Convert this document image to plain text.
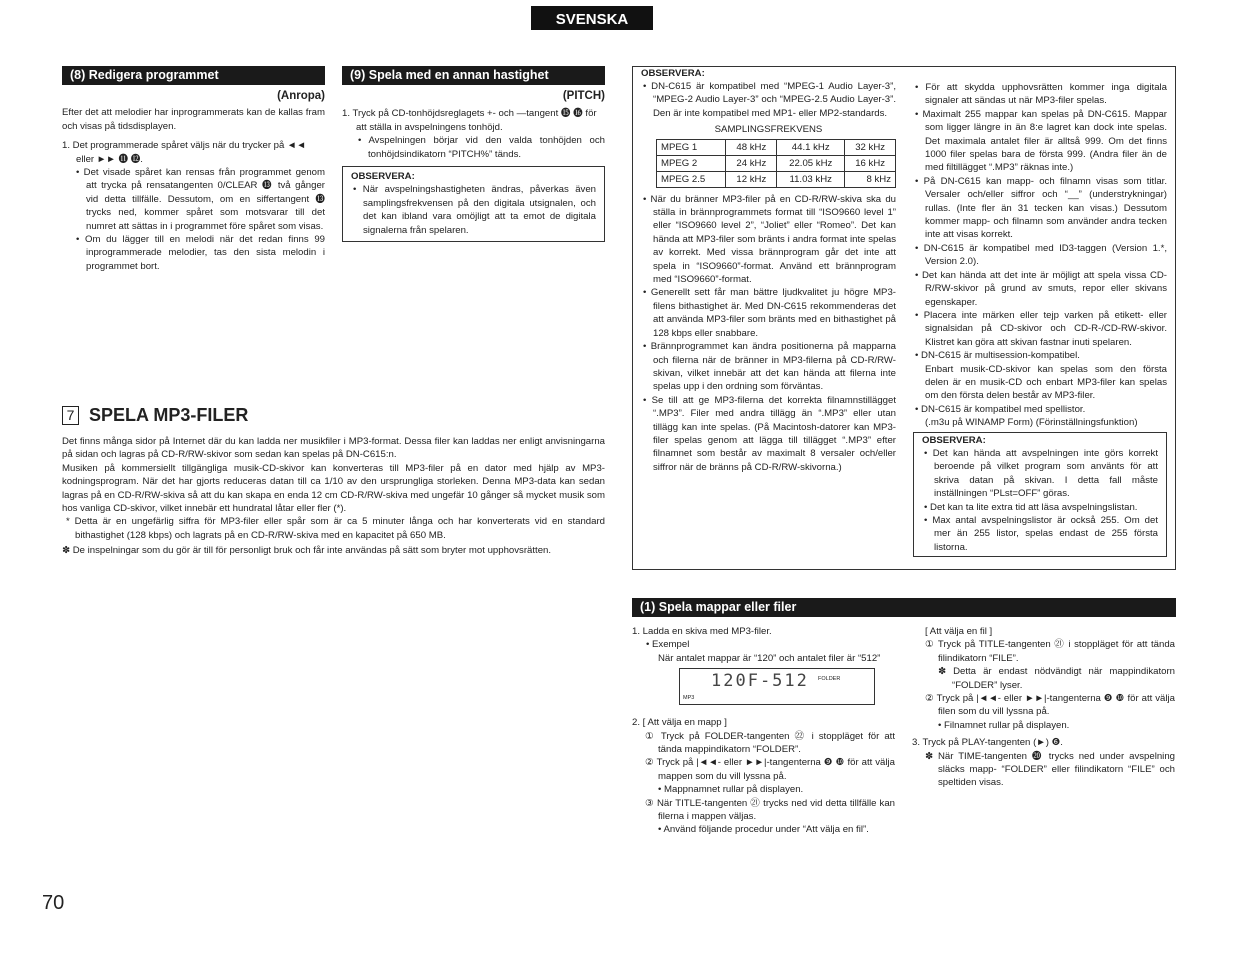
SVENSKA
(8) Redigera programmet
(Anropa)

Efter det att melodier har inprogrammerats kan de kallas fram och visas på tidsdisplayen.

1. Det programmerade spåret väljs när du trycker på ◄◄ eller ►► ⓫ ⓬.

• Det visade spåret kan rensas från programmet genom att trycka på rensatangenten 0/CLEAR ⓭ två gånger vid detta tillfälle. Dessutom, om en siffertangent ⓭ trycks ned, kommer spåret som motsvarar till det numret att sättas in i programmet före spåret som visas.

• Om du lägger till en melodi när det redan finns 99 inprogrammerade melodier, tas den sista melodin i programmet bort.

(9) Spela med en annan hastighet
(PITCH)

1. Tryck på CD-tonhöjdsreglagets +- och —tangent ⓯ ⓰ för att ställa in avspelningens tonhöjd.

• Avspelningen börjar vid den valda tonhöjden och tonhöjdsindikatorn “PITCH%” tänds.

OBSERVERA:

• När avspelningshastigheten ändras, påverkas även samplingsfrekvensen på den digitala utsignalen, och det kan ibland vara omöjligt att ta emot de digitala signalerna från spelaren.

OBSERVERA:

• DN-C615 är kompatibel med “MPEG-1 Audio Layer-3”, “MPEG-2 Audio Layer-3” och “MPEG-2.5 Audio Layer-3”. Den är inte kompatibel med MP1- eller MP2-standards.

SAMPLINGSFREKVENS

MPEG 1	48 kHz	44.1 kHz	32 kHz
MPEG 2	24 kHz	22.05 kHz	16 kHz
MPEG 2.5	12 kHz	11.03 kHz	8 kHz

• När du bränner MP3-filer på en CD-R/RW-skiva ska du ställa in brännprogrammets format till “ISO9660 level 1” eller “ISO9660 level 2”, “Joliet” eller “Romeo”. Det kan hända att MP3-filer som bränts i andra format inte spelas av korrekt. Med vissa brännprogram går det inte att spela in “ISO9660”-format. Använd ett brännprogram med “ISO9660”-format.

• Generellt sett får man bättre ljudkvalitet ju högre MP3-filens bithastighet är. Med DN-C615 rekommenderas det att använda MP3-filer som bränts med en bithastighet på 128 kbps eller snabbare.

• Brännprogrammet kan ändra positionerna på mapparna och filerna när de bränner in MP3-filerna på CD-R/RW-skivan, vilket innebär att det kan hända att filerna inte spelas upp i den ordning som förväntas.

• Se till att ge MP3-filerna det korrekta filnamnstillägget “.MP3”. Filer med andra tillägg än “.MP3” eller utan tillägg kan inte spelas. (På Macintosh-datorer kan MP3-filer spelas genom att lägga till tillägget “.MP3” efter filnamnet som består av maximalt 8 versaler och/eller siffror när de bränns på CD-R/RW-skivorna.)

• För att skydda upphovsrätten kommer inga digitala signaler att sändas ut när MP3-filer spelas.

• Maximalt 255 mappar kan spelas på DN-C615. Mappar som ligger längre in än 8:e lagret kan dock inte spelas. Det maximala antalet filer är alltså 999. Om det finns 1000 filer spelas bara de första 999. (Andra filer än de med filtillägget “.MP3” räknas inte.)

• På DN-C615 kan mapp- och filnamn visas som titlar. Versaler och/eller siffror och “__” (understrykningar) rullas. (Inte fler än 31 tecken kan visas.) Dessutom kommer mapp- och filnamn som använder andra tecken inte att visas korrekt.

• DN-C615 är kompatibel med ID3-taggen (Version 1.*, Version 2.0).

• Det kan hända att det inte är möjligt att spela vissa CD-R/RW-skivor på grund av smuts, repor eller skivans egenskaper.

• Placera inte märken eller tejp varken på etikett- eller signalsidan på CD-skivor och CD-R-/CD-RW-skivor. Klistret kan göra att skivan fastnar inuti spelaren.

• DN-C615 är multisession-kompatibel.

Enbart musik-CD-skivor kan spelas som den första delen är en musik-CD och enbart MP3-filer kan spelas om den första delen består av MP3-filer.

• DN-C615 är kompatibel med spellistor.

(.m3u på WINAMP Form) (Förinställningsfunktion)

OBSERVERA:

• Det kan hända att avspelningen inte görs korrekt beroende på vilket program som använts för att skriva datan på skivan. I detta fall måste inställningen “PLst=OFF” göras.

• Det kan ta lite extra tid att läsa avspelningslistan.

• Max antal avspelningslistor är också 255. Om det mer än 255 listor, spelas endast de 255 första listorna.

7 SPELA MP3-FILER

Det finns många sidor på Internet där du kan ladda ner musikfiler i MP3-format. Dessa filer kan laddas ner enligt anvisningarna på sidan och lagras på CD-R/RW-skivor som sedan kan spelas på DN-C615:n.

Musiken på kommersiellt tillgängliga musik-CD-skivor kan konverteras till MP3-filer på en dator med hjälp av MP3-kodningsprogram. När det har gjorts reduceras datan till ca 1/10 av den ursprungliga storleken. Denna MP3-data kan sedan lagras på en CD-R/RW-skiva så att du kan skapa en enda 12 cm CD-R/RW-skiva med ungefär 10 gånger så mycket musik som hos vanliga CD-skivor, vilket innebär ett hundratal låtar eller fler (*).

* Detta är en ungefärlig siffra för MP3-filer eller spår som är ca 5 minuter långa och har konverterats vid en standard bithastighet (128 kbps) och lagrats på en CD-R/RW-skiva med en kapacitet på 650 MB.

✽ De inspelningar som du gör är till för personligt bruk och får inte användas på sätt som bryter mot upphovsrätten.

(1) Spela mappar eller filer

1. Ladda en skiva med MP3-filer.

• Exempel

När antalet mappar är “120” och antalet filer är “512”

120F-512 FOLDER
MP3

2. [ Att välja en mapp ]

① Tryck på FOLDER-tangenten ㉒ i stoppläget för att tända mappindikatorn “FOLDER”.

② Tryck på |◄◄- eller ►►|-tangenterna ❾ ❿ för att välja mappen som du vill lyssna på.

• Mappnamnet rullar på displayen.

③ När TITLE-tangenten ㉑ trycks ned vid detta tillfälle kan filerna i mappen väljas.

• Använd följande procedur under “Att välja en fil”.

[ Att välja en fil ]

① Tryck på TITLE-tangenten ㉑ i stoppläget för att tända filindikatorn “FILE”.

✽ Detta är endast nödvändigt när mappindikatorn “FOLDER” lyser.

② Tryck på |◄◄- eller ►►|-tangenterna ❾ ❿ för att välja filen som du vill lyssna på.

• Filnamnet rullar på displayen.

3. Tryck på PLAY-tangenten (►) ❻.

✽ När TIME-tangenten ⓴ trycks ned under avspelning släcks mapp- “FOLDER” eller filindikatorn “FILE” och speltiden visas.

70
